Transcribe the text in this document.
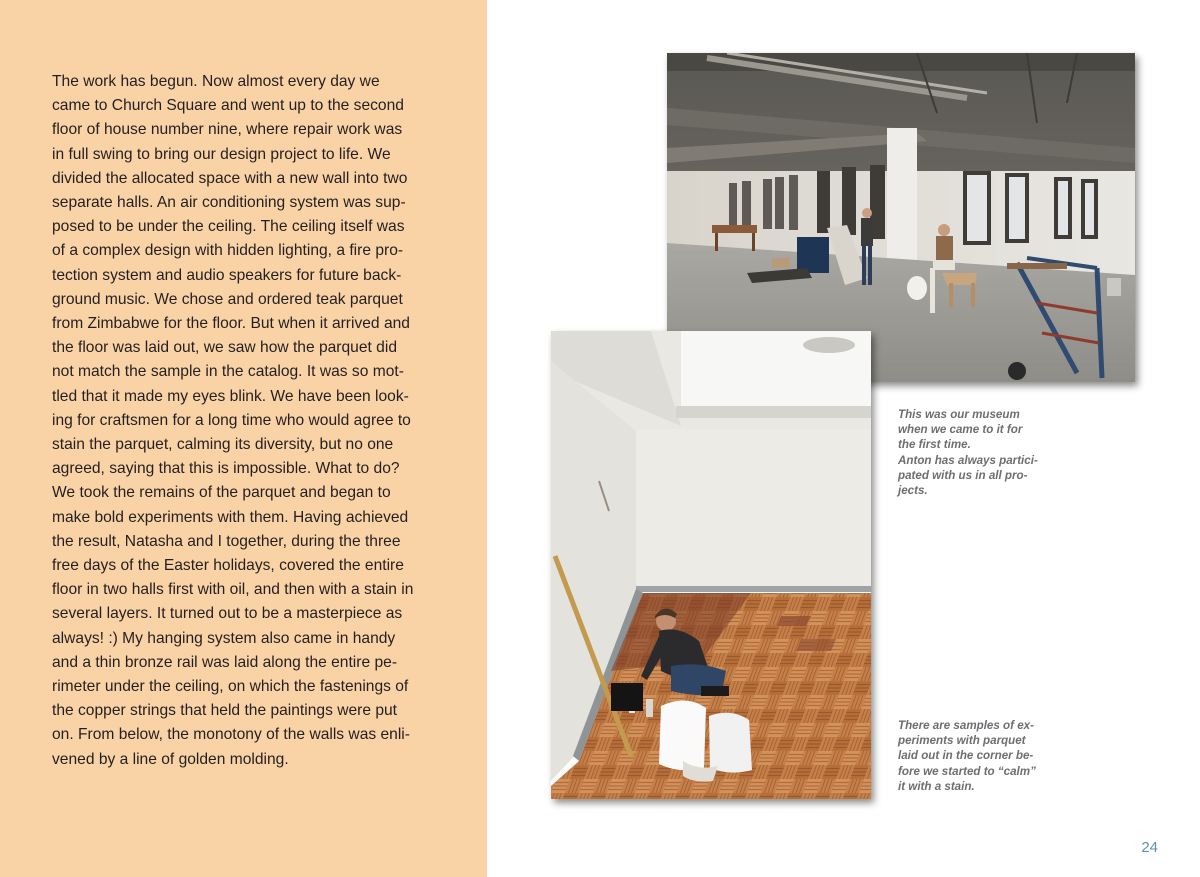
The work has begun. Now almost every day we
came to Church Square and went up to the second
floor of house number nine, where repair work was
in full swing to bring our design project to life. We
divided the allocated space with a new wall into two
separate halls. An air conditioning system was sup-
posed to be under the ceiling. The ceiling itself was
of a complex design with hidden lighting, a fire pro-
tection system and audio speakers for future back-
ground music. We chose and ordered teak parquet
from Zimbabwe for the floor. But when it arrived and
the floor was laid out, we saw how the parquet did
not match the sample in the catalog. It was so mot-
tled that it made my eyes blink. We have been look-
ing for craftsmen for a long time who would agree to
stain the parquet, calming its diversity, but no one
agreed, saying that this is impossible. What to do?
We took the remains of the parquet and began to
make bold experiments with them. Having achieved
the result, Natasha and I together, during the three
free days of the Easter holidays, covered the entire
floor in two halls first with oil, and then with a stain in
several layers. It turned out to be a masterpiece as
always! :) My hanging system also came in handy
and a thin bronze rail was laid along the entire pe-
rimeter under the ceiling, on which the fastenings of
the copper strings that held the paintings were put
on. From below, the monotony of the walls was enli-
vened by a line of golden molding.
This was our museum
when we came to it for
the first time.
Anton has always partici-
pated with us in all pro-
jects.
There are samples of ex-
periments with parquet
laid out in the corner be-
fore we started to “calm”
it with a stain.
24
